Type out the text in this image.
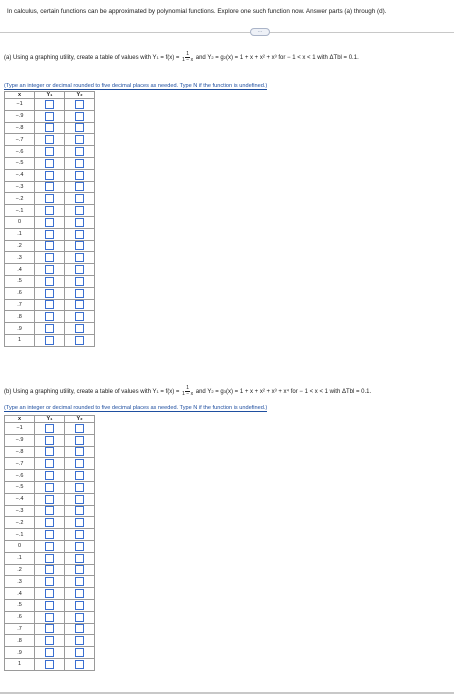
In calculus, certain functions can be approximated by polynomial functions. Explore one such function now. Answer parts (a) through (d).
···
(a) Using a graphing utility, create a table of values with Y $1 = f(x) = \frac{1}{1 - x}$ and Y 2 = g 2 (x) = 1 + x + x² + x³ for − 1 < x < 1 with ΔTbl = 0.1.
(Type an integer or decimal rounded to five decimal places as needed. Type N if the function is undefined.)
x	Y₁	Y₂
−1		
−.9		
−.8		
−.7		
−.6		
−.5		
−.4		
−.3		
−.2		
−.1		
0		
.1		
.2		
.3		
.4		
.5		
.6		
.7		
.8		
.9		
1		
(b) Using a graphing utility, create a table of values with Y $1 = f(x) = \frac{1}{1 - x}$ and Y 2 = g 3 (x) = 1 + x + x² + x³ + x⁴ for − 1 < x < 1 with ΔTbl = 0.1.
(Type an integer or decimal rounded to five decimal places as needed. Type N if the function is undefined.)
x	Y₁	Y₂
−1		
−.9		
−.8		
−.7		
−.6		
−.5		
−.4		
−.3		
−.2		
−.1		
0		
.1		
.2		
.3		
.4		
.5		
.6		
.7		
.8		
.9		
1		
